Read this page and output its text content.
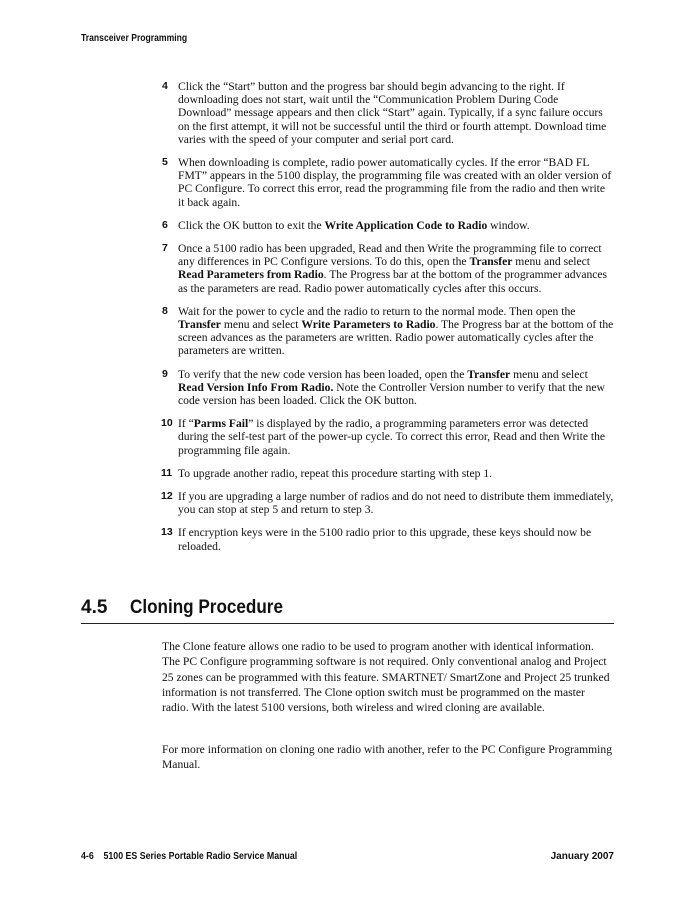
Transceiver Programming
4 Click the “Start” button and the progress bar should begin advancing to the right. If downloading does not start, wait until the “Communication Problem During Code Download” message appears and then click “Start” again. Typically, if a sync failure occurs on the first attempt, it will not be successful until the third or fourth attempt. Download time varies with the speed of your computer and serial port card.
5 When downloading is complete, radio power automatically cycles. If the error “BAD FL FMT” appears in the 5100 display, the programming file was created with an older version of PC Configure. To correct this error, read the programming file from the radio and then write it back again.
6 Click the OK button to exit the Write Application Code to Radio window.
7 Once a 5100 radio has been upgraded, Read and then Write the programming file to correct any differences in PC Configure versions. To do this, open the Transfer menu and select Read Parameters from Radio. The Progress bar at the bottom of the programmer advances as the parameters are read. Radio power automatically cycles after this occurs.
8 Wait for the power to cycle and the radio to return to the normal mode. Then open the Transfer menu and select Write Parameters to Radio. The Progress bar at the bottom of the screen advances as the parameters are written. Radio power automatically cycles after the parameters are written.
9 To verify that the new code version has been loaded, open the Transfer menu and select Read Version Info From Radio. Note the Controller Version number to verify that the new code version has been loaded. Click the OK button.
10 If “Parms Fail” is displayed by the radio, a programming parameters error was detected during the self-test part of the power-up cycle. To correct this error, Read and then Write the programming file again.
11 To upgrade another radio, repeat this procedure starting with step 1.
12 If you are upgrading a large number of radios and do not need to distribute them immediately, you can stop at step 5 and return to step 3.
13 If encryption keys were in the 5100 radio prior to this upgrade, these keys should now be reloaded.
4.5 Cloning Procedure

The Clone feature allows one radio to be used to program another with identical information. The PC Configure programming software is not required. Only conventional analog and Project 25 zones can be programmed with this feature. SMARTNET/ SmartZone and Project 25 trunked information is not transferred. The Clone option switch must be programmed on the master radio. With the latest 5100 versions, both wireless and wired cloning are available.

For more information on cloning one radio with another, refer to the PC Configure Programming Manual.

4-6 5100 ES Series Portable Radio Service Manual	January 2007
